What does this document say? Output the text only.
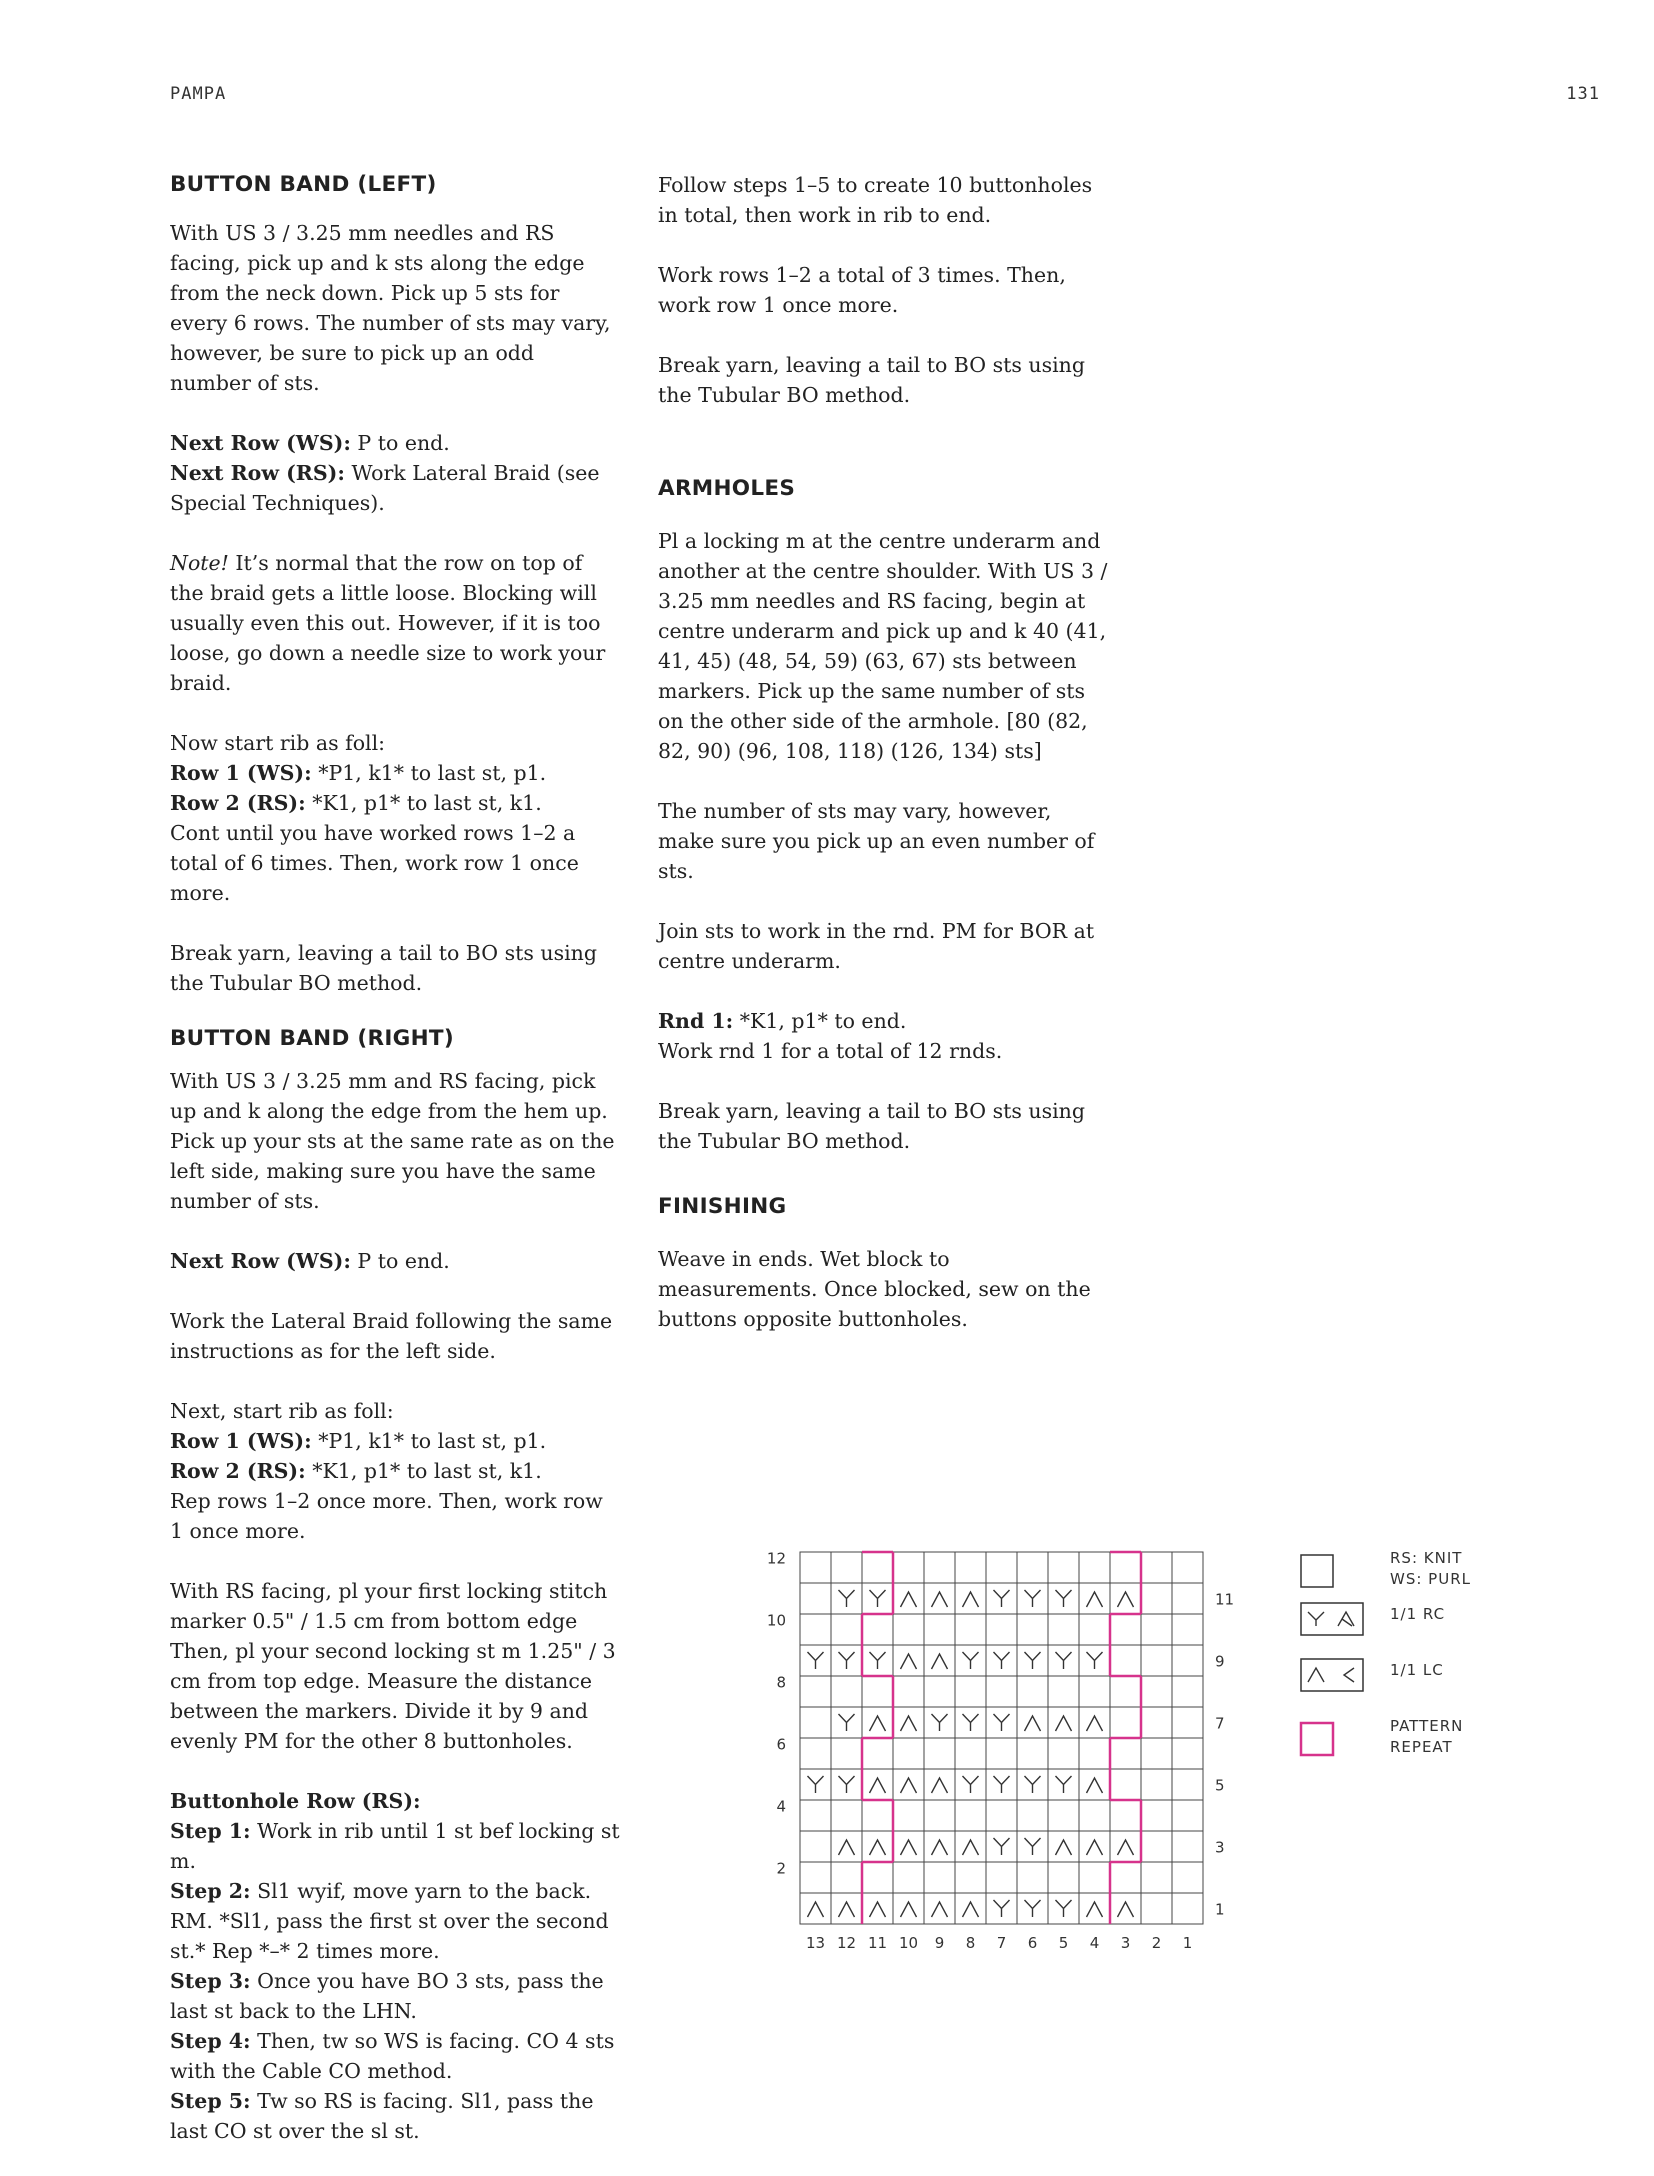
PAMPA	131
BUTTON BAND (LEFT)

With US 3 / 3.25 mm needles and RS facing, pick up and k sts along the edge from the neck down. Pick up 5 sts for every 6 rows. The number of sts may vary, however, be sure to pick up an odd number of sts.

Next Row (WS): P to end.
Next Row (RS): Work Lateral Braid (see Special Techniques).

Note! It’s normal that the row on top of the braid gets a little loose. Blocking will usually even this out. However, if it is too loose, go down a needle size to work your braid.

Now start rib as foll:
Row 1 (WS): *P1, k1* to last st, p1.
Row 2 (RS): *K1, p1* to last st, k1.
Cont until you have worked rows 1–2 a total of 6 times. Then, work row 1 once more.

Break yarn, leaving a tail to BO sts using the Tubular BO method.

BUTTON BAND (RIGHT)

With US 3 / 3.25 mm and RS facing, pick up and k along the edge from the hem up. Pick up your sts at the same rate as on the left side, making sure you have the same number of sts.

Next Row (WS): P to end.

Work the Lateral Braid following the same instructions as for the left side.

Next, start rib as foll:
Row 1 (WS): *P1, k1* to last st, p1.
Row 2 (RS): *K1, p1* to last st, k1.
Rep rows 1–2 once more. Then, work row 1 once more.

With RS facing, pl your first locking stitch marker 0.5" / 1.5 cm from bottom edge Then, pl your second locking st m 1.25" / 3 cm from top edge. Measure the distance between the markers. Divide it by 9 and evenly PM for the other 8 buttonholes.

Buttonhole Row (RS):
Step 1: Work in rib until 1 st bef locking st m.
Step 2: Sl1 wyif, move yarn to the back. RM. *Sl1, pass the first st over the second st.* Rep *–* 2 times more.
Step 3: Once you have BO 3 sts, pass the last st back to the LHN.
Step 4: Then, tw so WS is facing. CO 4 sts with the Cable CO method.
Step 5: Tw so RS is facing. Sl1, pass the last CO st over the sl st.

Follow steps 1–5 to create 10 buttonholes in total, then work in rib to end.

Work rows 1–2 a total of 3 times. Then, work row 1 once more.

Break yarn, leaving a tail to BO sts using the Tubular BO method.

ARMHOLES

Pl a locking m at the centre underarm and another at the centre shoulder. With US 3 / 3.25 mm needles and RS facing, begin at centre underarm and pick up and k 40 (41, 41, 45) (48, 54, 59) (63, 67) sts between markers. Pick up the same number of sts on the other side of the armhole. [80 (82, 82, 90) (96, 108, 118) (126, 134) sts]

The number of sts may vary, however, make sure you pick up an even number of sts.

Join sts to work in the rnd. PM for BOR at centre underarm.

Rnd 1: *K1, p1* to end.
Work rnd 1 for a total of 12 rnds.

Break yarn, leaving a tail to BO sts using the Tubular BO method.

FINISHING

Weave in ends. Wet block to measurements. Once blocked, sew on the buttons opposite buttonholes.

13 12 11 10 9 8 7 6 5 4 3 2 1
12
10
8
6
4
2
11
9
7
5
3
1
RS: KNIT
WS: PURL
1/1 RC
1/1 LC
PATTERN
REPEAT
